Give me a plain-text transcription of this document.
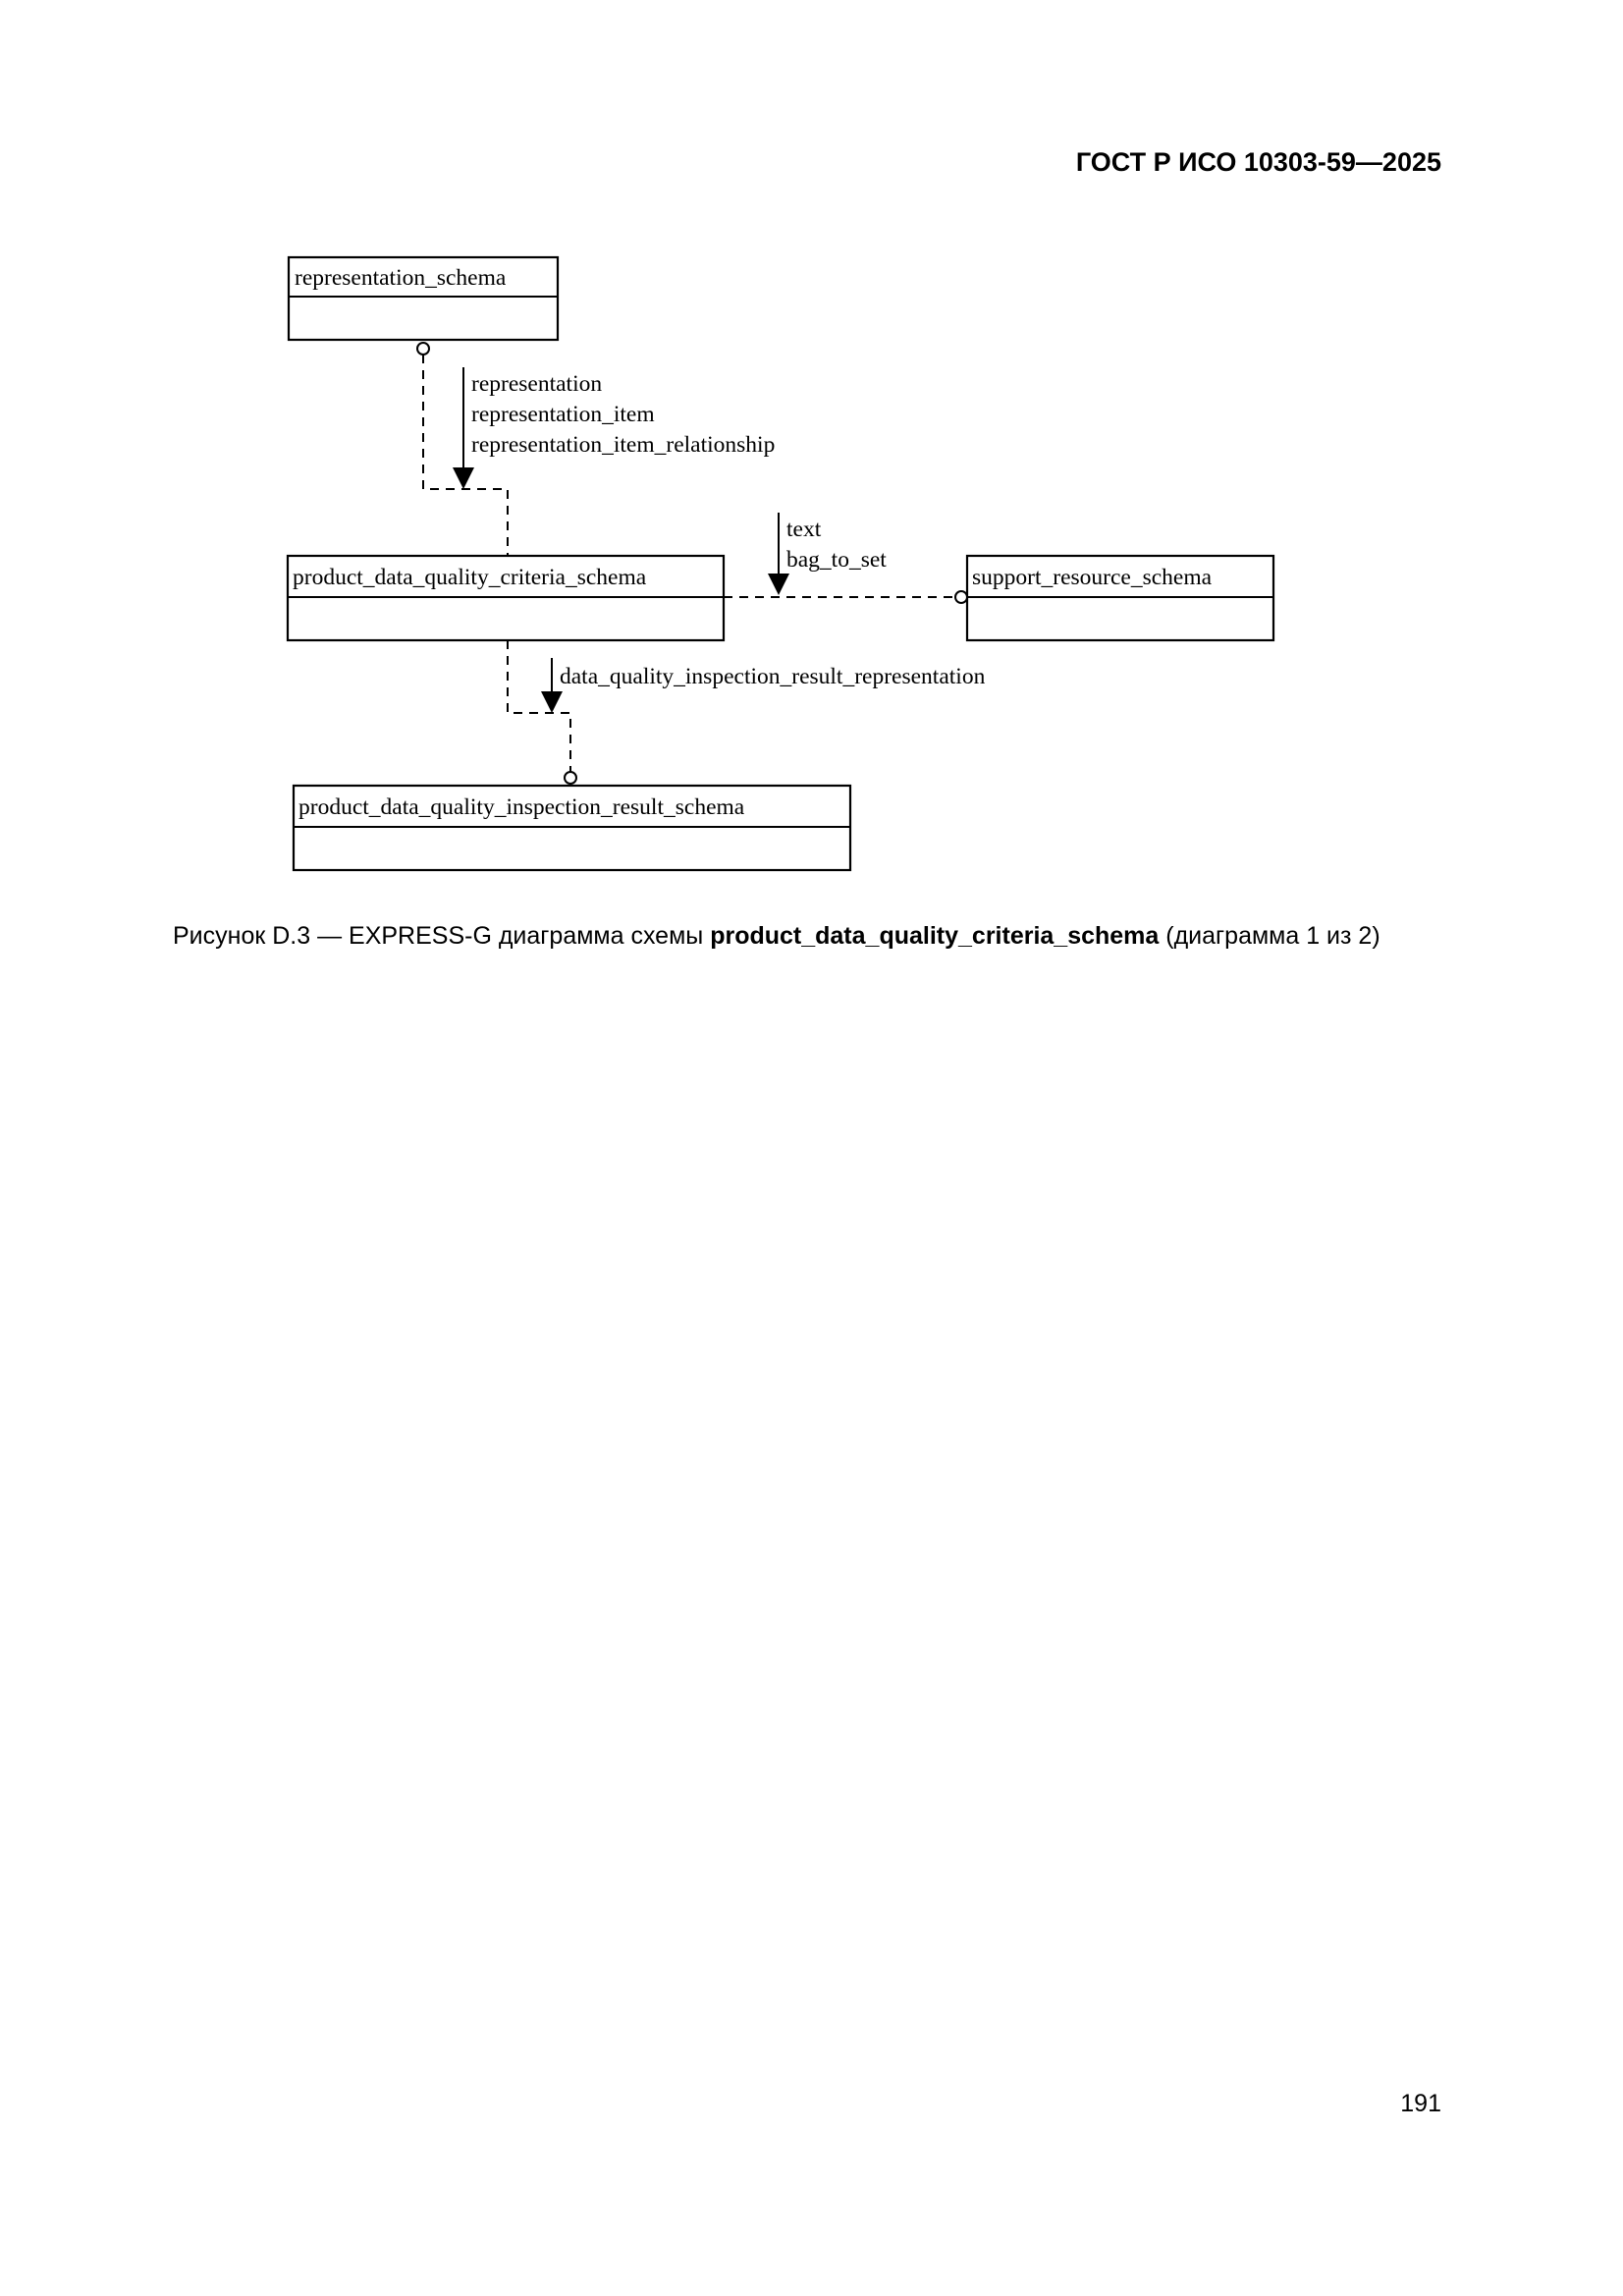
ГОСТ Р ИСО 10303-59—2025
representation_schema
product_data_quality_criteria_schema	support_resource_schema
product_data_quality_inspection_result_schema
representation
representation_item
representation_item_relationship
text
bag_to_set
data_quality_inspection_result_representation
Рисунок D.3 — EXPRESS-G диаграмма схемы product_data_quality_criteria_schema (диаграмма 1 из 2)
191
